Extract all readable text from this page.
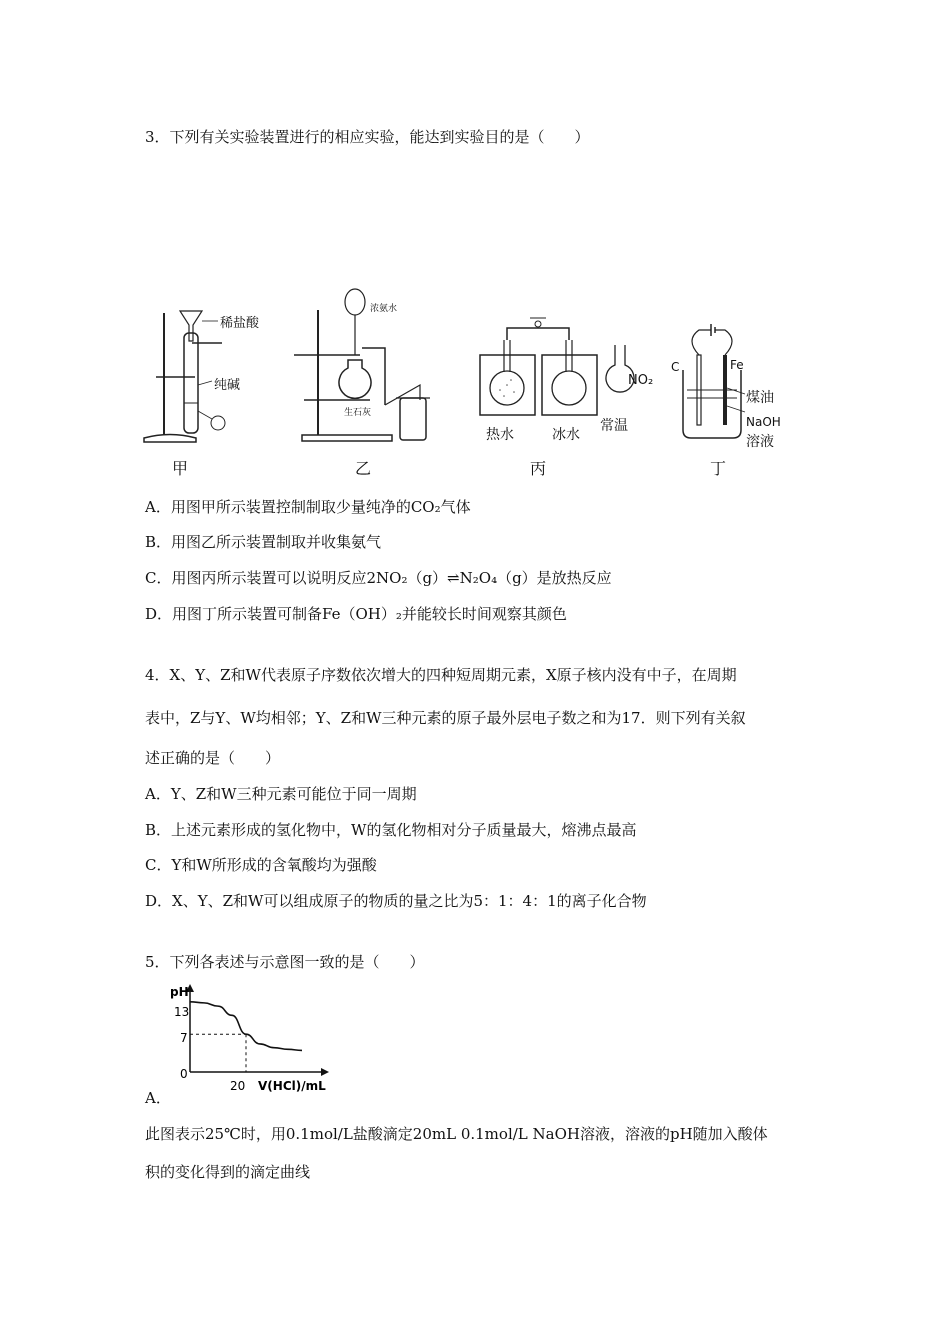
3．下列有关实验装置进行的相应实验，能达到实验目的是（　　）
稀盐酸
纯碱
甲
浓氨水
生石灰
乙
NO₂
热水	冰水
常温
丙
C	Fe
煤油
NaOH
溶液
丁
A．用图甲所示装置控制制取少量纯净的CO₂气体
B．用图乙所示装置制取并收集氨气
C．用图丙所示装置可以说明反应2NO₂（g）⇌N₂O₄（g）是放热反应
D．用图丁所示装置可制备Fe（OH）₂并能较长时间观察其颜色
4．X、Y、Z和W代表原子序数依次增大的四种短周期元素，X原子核内没有中子，在周期
表中，Z与Y、W均相邻；Y、Z和W三种元素的原子最外层电子数之和为17．则下列有关叙
述正确的是（　　）
A．Y、Z和W三种元素可能位于同一周期
B．上述元素形成的氢化物中，W的氢化物相对分子质量最大，熔沸点最高
C．Y和W所形成的含氧酸均为强酸
D．X、Y、Z和W可以组成原子的物质的量之比为5：1：4：1的离子化合物
5．下列各表述与示意图一致的是（　　）
pH
13
7
0
20 V(HCl)/mL
A．
此图表示25℃时，用0.1mol/L盐酸滴定20mL 0.1mol/L NaOH溶液，溶液的pH随加入酸体
积的变化得到的滴定曲线
